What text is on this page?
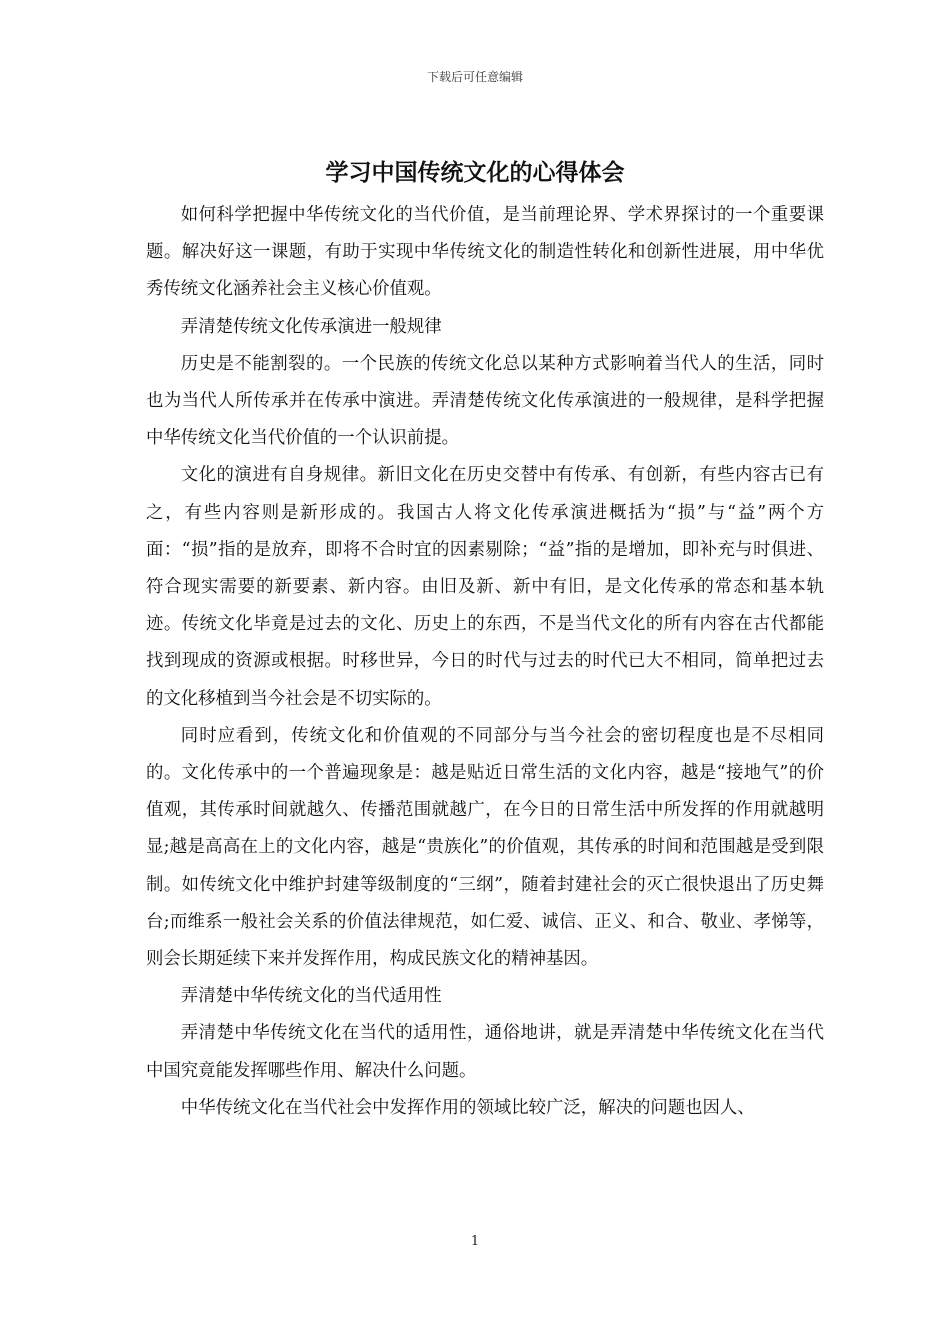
下载后可任意编辑
学习中国传统文化的心得体会

如何科学把握中华传统文化的当代价值，是当前理论界、学术界探讨的一个重要课题。解决好这一课题，有助于实现中华传统文化的制造性转化和创新性进展，用中华优秀传统文化涵养社会主义核心价值观。

弄清楚传统文化传承演进一般规律

历史是不能割裂的。一个民族的传统文化总以某种方式影响着当代人的生活，同时也为当代人所传承并在传承中演进。弄清楚传统文化传承演进的一般规律，是科学把握中华传统文化当代价值的一个认识前提。

文化的演进有自身规律。新旧文化在历史交替中有传承、有创新，有些内容古已有之，有些内容则是新形成的。我国古人将文化传承演进概括为“损”与“益”两个方面：“损”指的是放弃，即将不合时宜的因素剔除；“益”指的是增加，即补充与时俱进、符合现实需要的新要素、新内容。由旧及新、新中有旧，是文化传承的常态和基本轨迹。传统文化毕竟是过去的文化、历史上的东西，不是当代文化的所有内容在古代都能找到现成的资源或根据。时移世异，今日的时代与过去的时代已大不相同，简单把过去的文化移植到当今社会是不切实际的。

同时应看到，传统文化和价值观的不同部分与当今社会的密切程度也是不尽相同的。文化传承中的一个普遍现象是：越是贴近日常生活的文化内容，越是“接地气”的价值观，其传承时间就越久、传播范围就越广，在今日的日常生活中所发挥的作用就越明显;越是高高在上的文化内容，越是“贵族化”的价值观，其传承的时间和范围越是受到限制。如传统文化中维护封建等级制度的“三纲”，随着封建社会的灭亡很快退出了历史舞台;而维系一般社会关系的价值法律规范，如仁爱、诚信、正义、和合、敬业、孝悌等，则会长期延续下来并发挥作用，构成民族文化的精神基因。

弄清楚中华传统文化的当代适用性

弄清楚中华传统文化在当代的适用性，通俗地讲，就是弄清楚中华传统文化在当代中国究竟能发挥哪些作用、解决什么问题。

中华传统文化在当代社会中发挥作用的领域比较广泛，解决的问题也因人、

1
